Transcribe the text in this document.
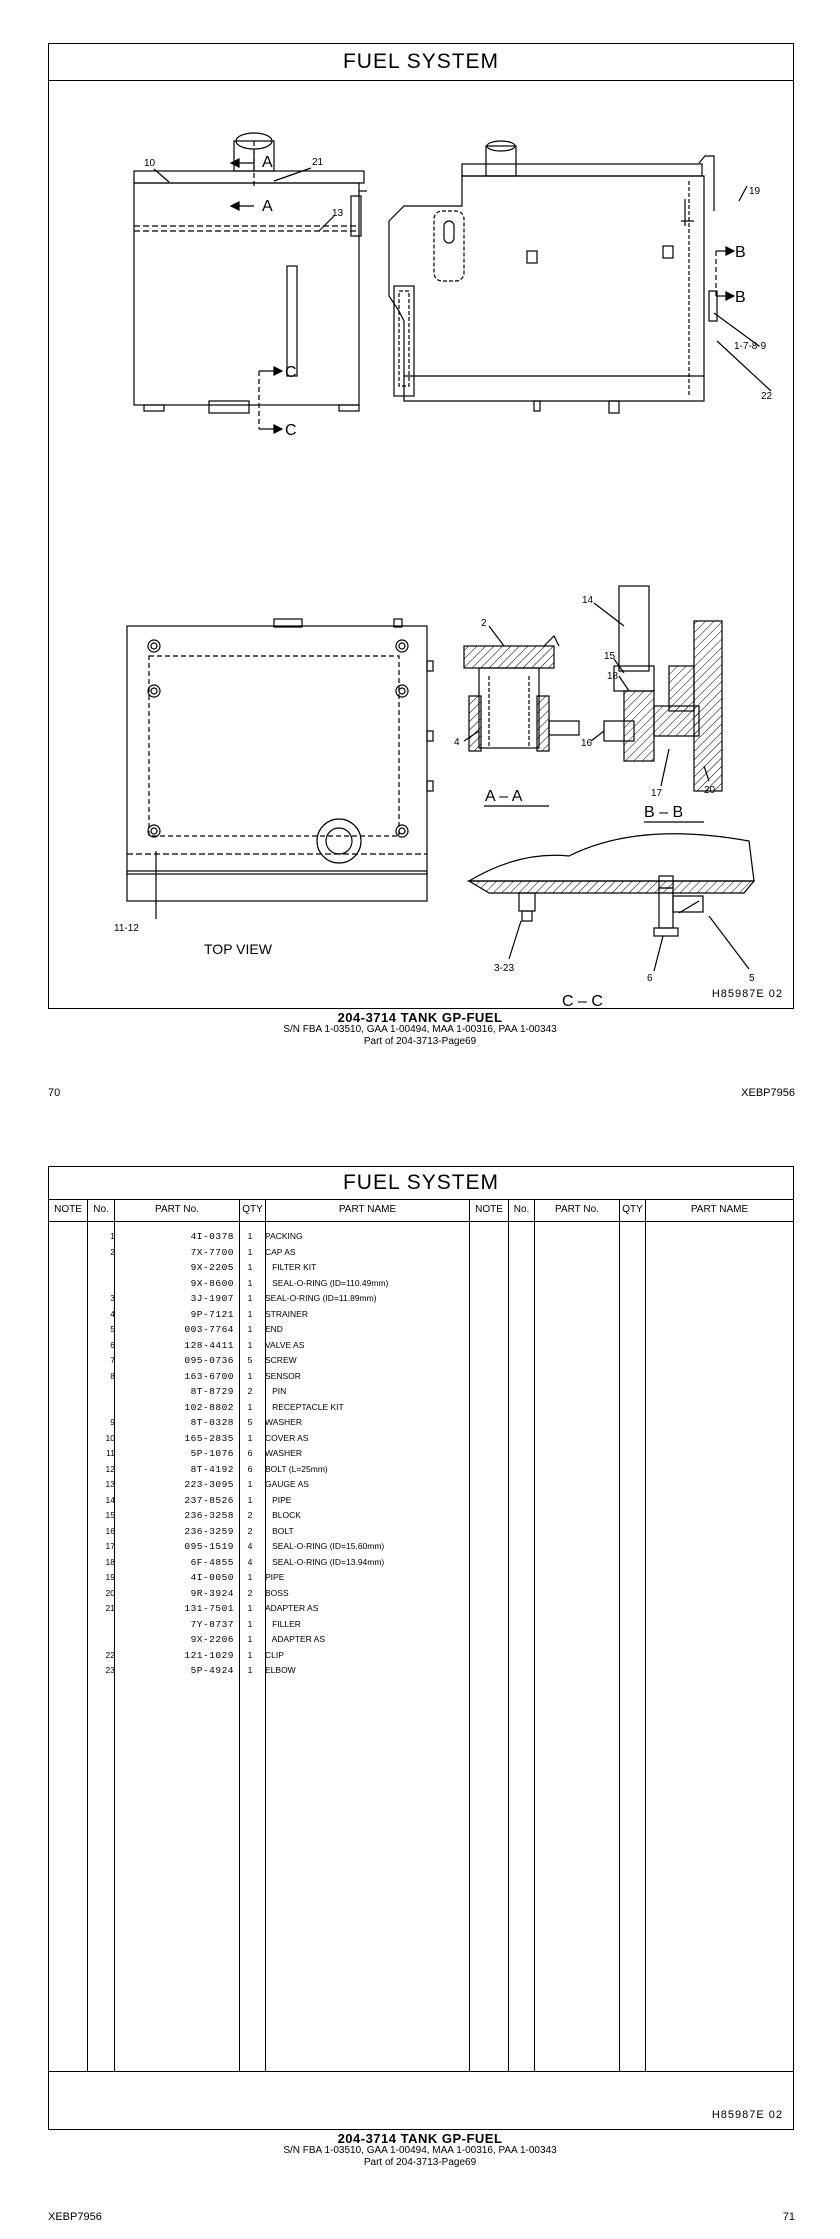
FUEL SYSTEM
10	21
13
19
1-7-8-9
22
2
4
14
15
18
16
17	20
11-12
3-23
6	5
A
A
B
B
C
C
A – A
B – B
C – C
TOP VIEW
H85987E 02
204-3714 TANK GP-FUEL
S/N FBA 1-03510, GAA 1-00494, MAA 1-00316, PAA 1-00343
Part of 204-3713-Page69
70	XEBP7956
FUEL SYSTEM
NOTE	No.	PART No.	QTY	PART NAME	NOTE	No.	PART No.	QTY	PART NAME
1	4I-0378	1	PACKING
2	7X-7700	1	CAP AS
9X-2205	1	FILTER KIT
9X-8600	1	SEAL-O-RING (ID=110.49mm)
3	3J-1907	1	SEAL-O-RING (ID=11.89mm)
4	9P-7121	1	STRAINER
5	003-7764	1	END
6	128-4411	1	VALVE AS
7	095-0736	5	SCREW
8	163-6700	1	SENSOR
8T-8729	2	PIN
102-8802	1	RECEPTACLE KIT
9	8T-0328	5	WASHER
10	165-2835	1	COVER AS
11	5P-1076	6	WASHER
12	8T-4192	6	BOLT (L=25mm)
13	223-3095	1	GAUGE AS
14	237-8526	1	PIPE
15	236-3258	2	BLOCK
16	236-3259	2	BOLT
17	095-1519	4	SEAL-O-RING (ID=15.60mm)
18	6F-4855	4	SEAL-O-RING (ID=13.94mm)
19	4I-0050	1	PIPE
20	9R-3924	2	BOSS
21	131-7501	1	ADAPTER AS
7Y-8737	1	FILLER
9X-2206	1	ADAPTER AS
22	121-1029	1	CLIP
23	5P-4924	1	ELBOW
H85987E 02
204-3714 TANK GP-FUEL
S/N FBA 1-03510, GAA 1-00494, MAA 1-00316, PAA 1-00343
Part of 204-3713-Page69
XEBP7956	71
